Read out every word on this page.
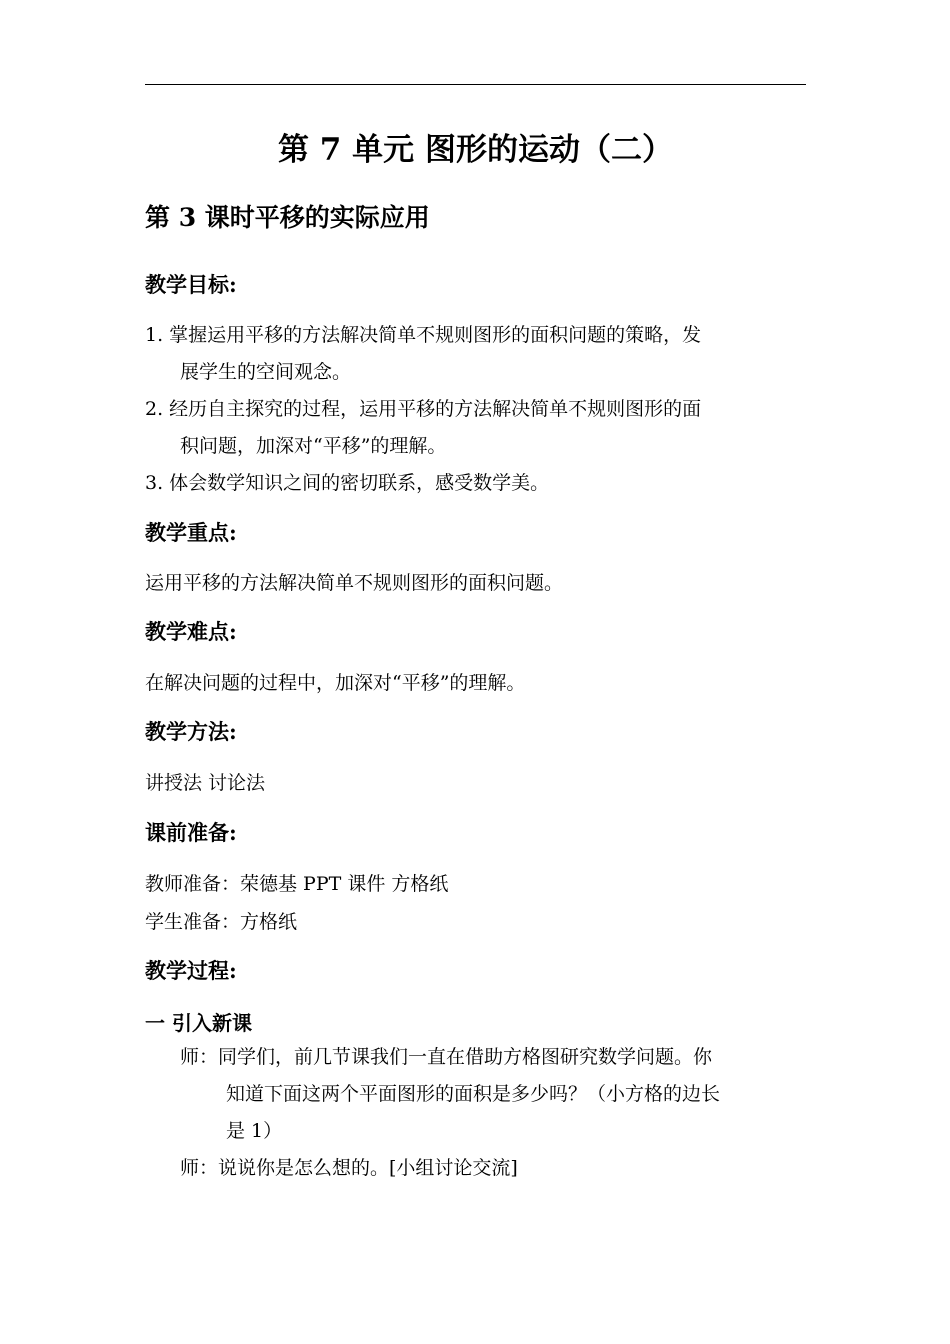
第 7 单元 图形的运动（二）
第 3 课时平移的实际应用
教学目标:
1. 掌握运用平移的方法解决简单不规则图形的面积问题的策略，发
展学生的空间观念。
2. 经历自主探究的过程，运用平移的方法解决简单不规则图形的面
积问题，加深对“平移”的理解。
3. 体会数学知识之间的密切联系，感受数学美。
教学重点:
运用平移的方法解决简单不规则图形的面积问题。
教学难点:
在解决问题的过程中，加深对“平移”的理解。
教学方法:
讲授法 讨论法
课前准备:
教师准备：荣德基 PPT 课件 方格纸
学生准备：方格纸
教学过程:
一 引入新课
师：同学们，前几节课我们一直在借助方格图研究数学问题。你
知道下面这两个平面图形的面积是多少吗？（小方格的边长
是 1）
师：说说你是怎么想的。[小组讨论交流]
